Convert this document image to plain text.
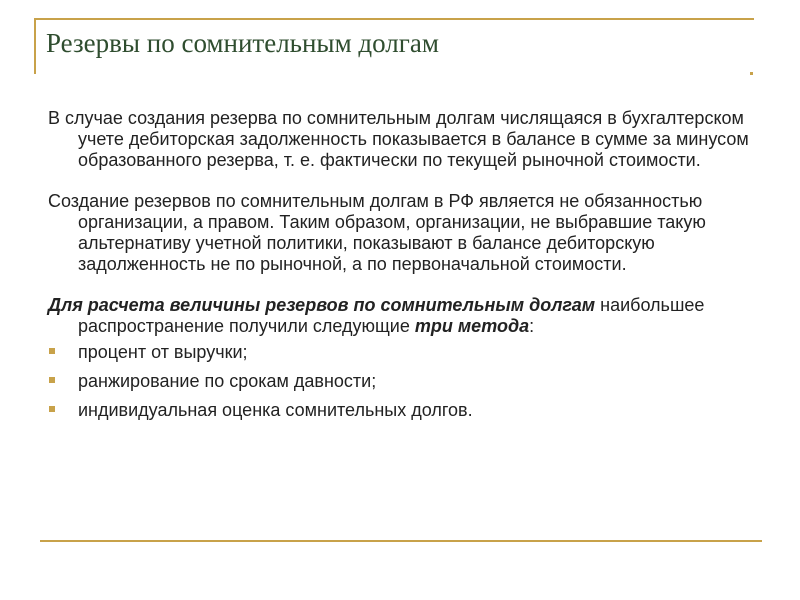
Резервы по сомнительным долгам

В случае создания резерва по сомнительным долгам числящаяся в бухгалтерском учете дебиторская задолженность показывается в балансе в сумме за минусом образованного резерва, т. е. фактически по текущей рыночной стоимости.

Создание резервов по сомнительным долгам в РФ является не обязанностью организации, а правом. Таким образом, организации, не выбравшие такую альтернативу учетной политики, показывают в балансе дебиторскую задолженность не по рыночной, а по первоначальной стоимости.

Для расчета величины резервов по сомнительным долгам наибольшее распространение получили следующие три метода:

процент от выручки;
ранжирование по срокам давности;
индивидуальная оценка сомнительных долгов.
